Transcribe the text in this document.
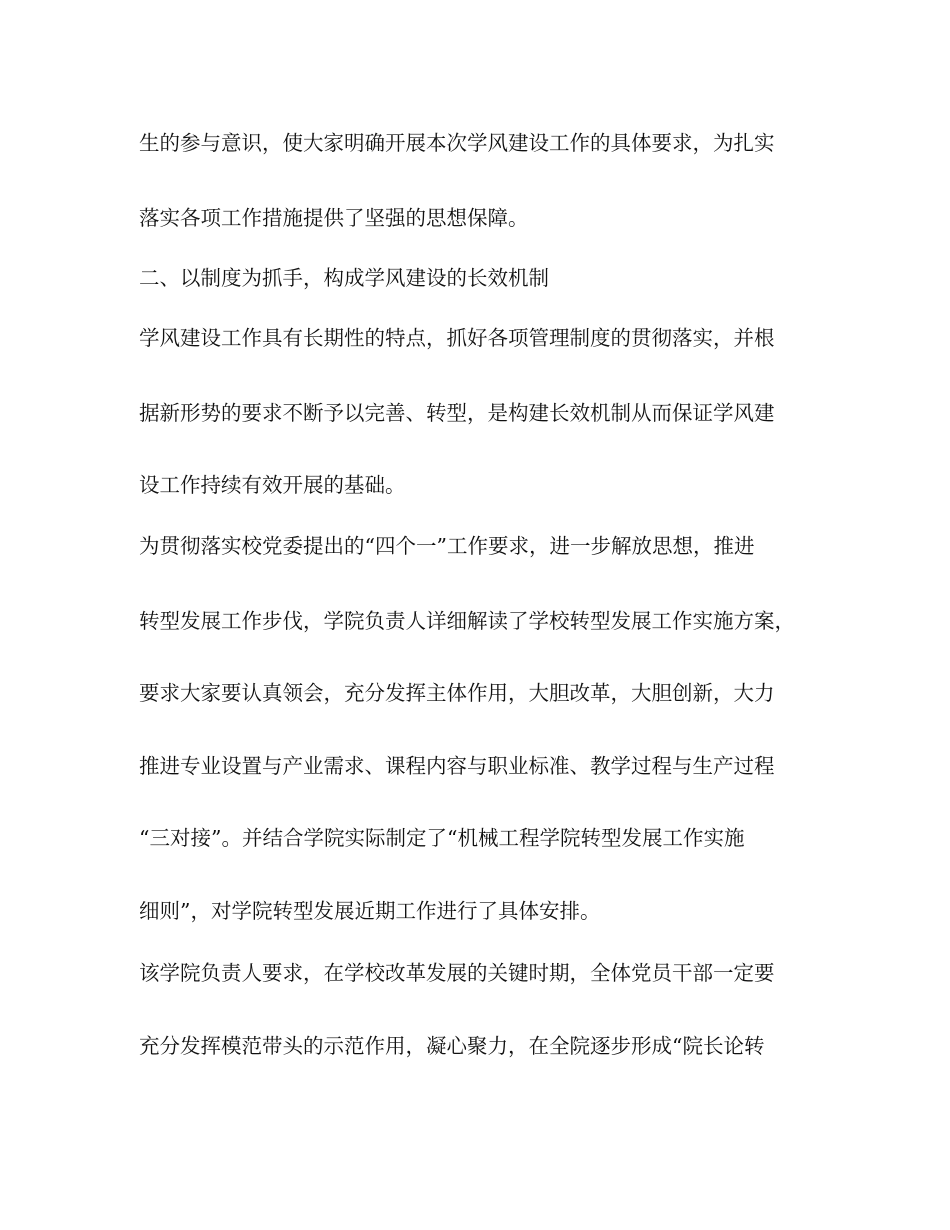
生的参与意识，使大家明确开展本次学风建设工作的具体要求，为扎实
落实各项工作措施提供了坚强的思想保障。
二、以制度为抓手，构成学风建设的长效机制
学风建设工作具有长期性的特点，抓好各项管理制度的贯彻落实，并根
据新形势的要求不断予以完善、转型，是构建长效机制从而保证学风建
设工作持续有效开展的基础。
为贯彻落实校党委提出的“四个一”工作要求，进一步解放思想，推进
转型发展工作步伐，学院负责人详细解读了学校转型发展工作实施方案，
要求大家要认真领会，充分发挥主体作用，大胆改革，大胆创新，大力
推进专业设置与产业需求、课程内容与职业标准、教学过程与生产过程
“三对接”。并结合学院实际制定了“机械工程学院转型发展工作实施
细则”，对学院转型发展近期工作进行了具体安排。
该学院负责人要求，在学校改革发展的关键时期，全体党员干部一定要
充分发挥模范带头的示范作用，凝心聚力，在全院逐步形成“院长论转
